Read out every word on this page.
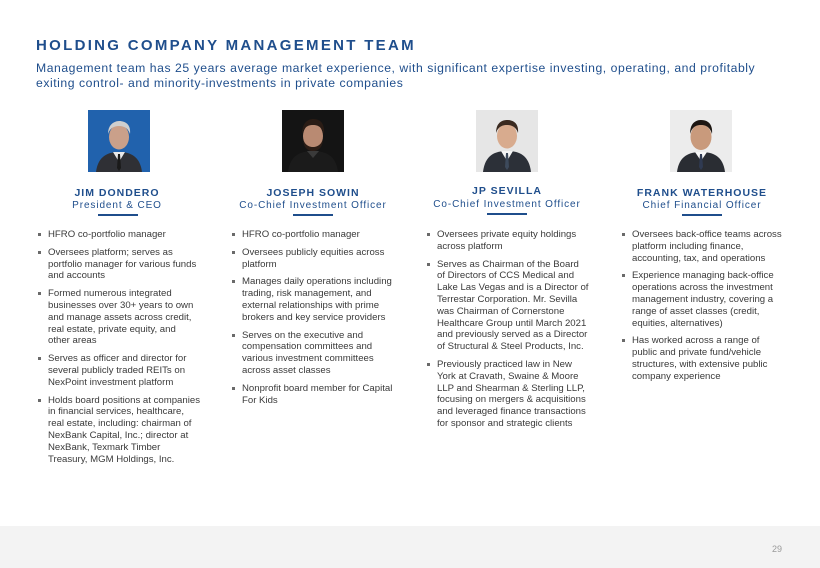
HOLDING COMPANY MANAGEMENT TEAM
Management team has 25 years average market experience, with significant expertise investing, operating, and profitably exiting control- and minority-investments in private companies
JIM DONDERO
President & CEO
HFRO co-portfolio manager
Oversees platform; serves as portfolio manager for various funds and accounts
Formed numerous integrated businesses over 30+ years to own and manage assets across credit, real estate, private equity, and other areas
Serves as officer and director for several publicly traded REITs on NexPoint investment platform
Holds board positions at companies in financial services, healthcare, real estate, including: chairman of NexBank Capital, Inc.; director at NexBank, Texmark Timber Treasury, MGM Holdings, Inc.
JOSEPH SOWIN
Co-Chief Investment Officer
HFRO co-portfolio manager
Oversees publicly equities across platform
Manages daily operations including trading, risk management, and external relationships with prime brokers and key service providers
Serves on the executive and compensation committees and various investment committees across asset classes
Nonprofit board member for Capital For Kids
JP SEVILLA
Co-Chief Investment Officer
Oversees private equity holdings across platform
Serves as Chairman of the Board of Directors of CCS Medical and Lake Las Vegas and is a Director of Terrestar Corporation. Mr. Sevilla was Chairman of Cornerstone Healthcare Group until March 2021 and previously served as a Director of Structural & Steel Products, Inc.
Previously practiced law in New York at Cravath, Swaine & Moore LLP and Shearman & Sterling LLP, focusing on mergers & acquisitions and leveraged finance transactions for sponsor and strategic clients
FRANK WATERHOUSE
Chief Financial Officer
Oversees back-office teams across platform including finance, accounting, tax, and operations
Experience managing back-office operations across the investment management industry, covering a range of asset classes (credit, equities, alternatives)
Has worked across a range of public and private fund/vehicle structures, with extensive public company experience
29
